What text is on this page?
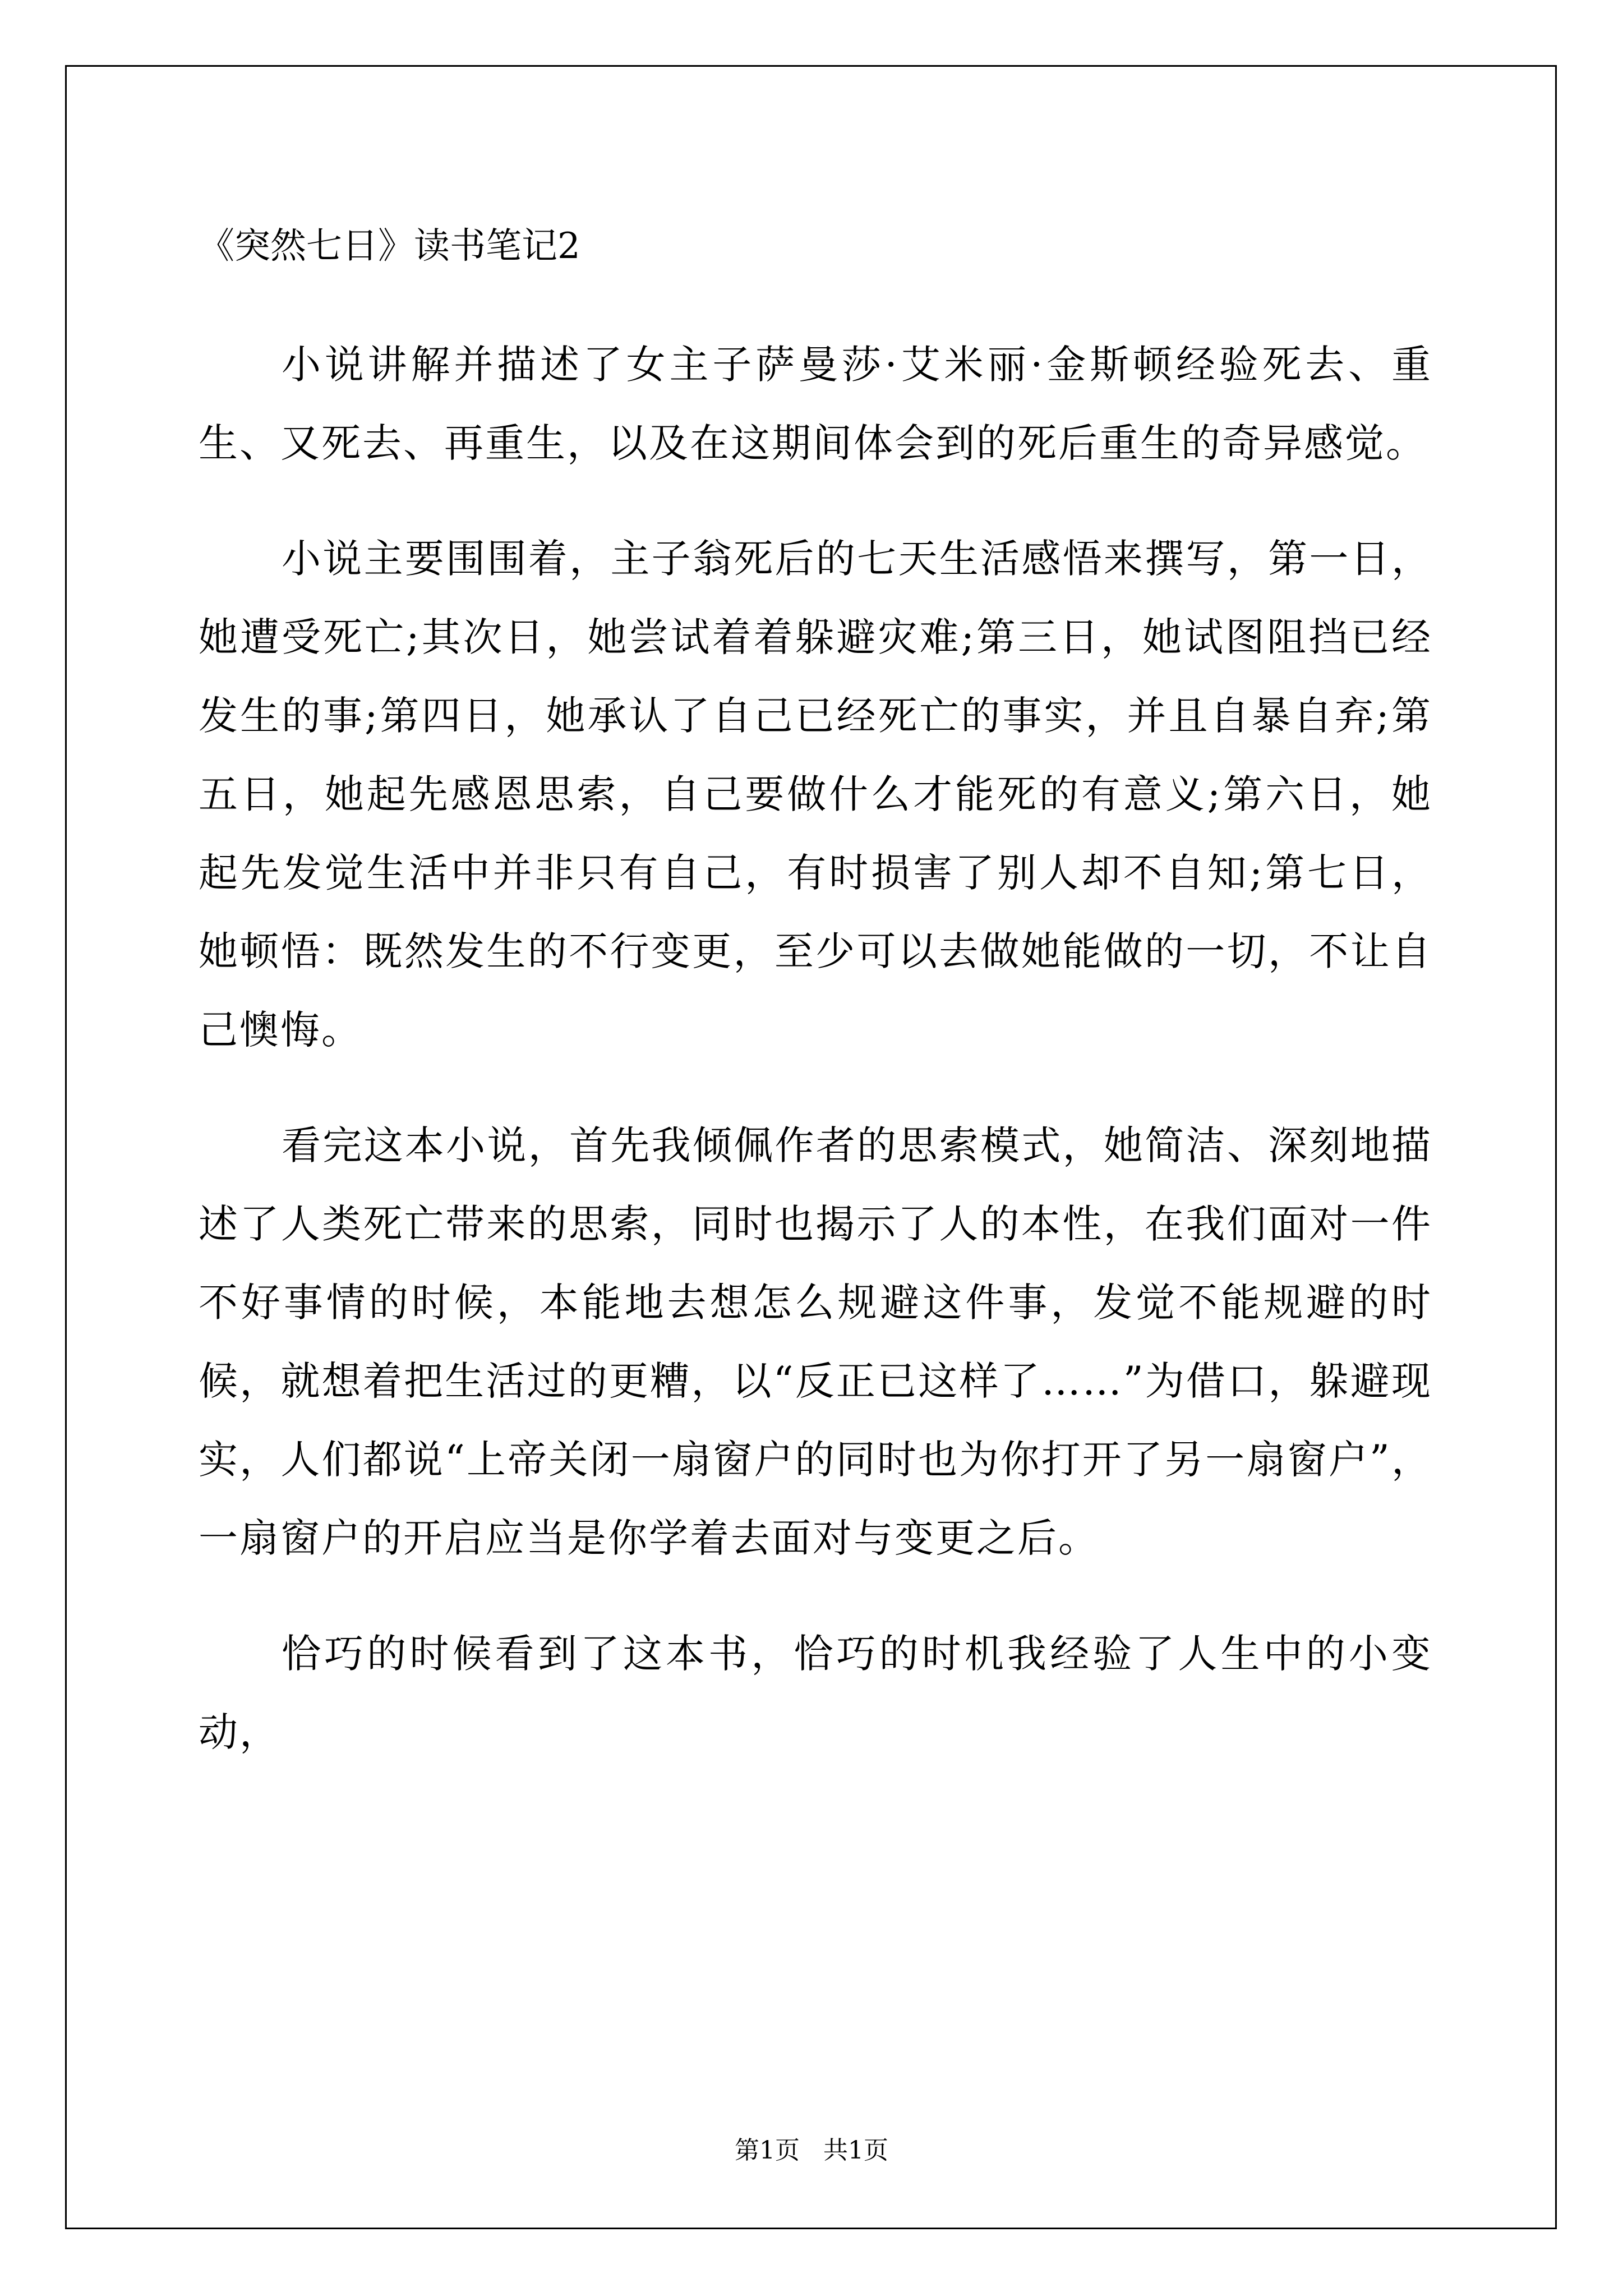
《突然七日》读书笔记2

小说讲解并描述了女主子萨曼莎·艾米丽·金斯顿经验死去、重生、又死去、再重生，以及在这期间体会到的死后重生的奇异感觉。

小说主要围围着，主子翁死后的七天生活感悟来撰写，第一日，她遭受死亡;其次日，她尝试着着躲避灾难;第三日，她试图阻挡已经发生的事;第四日，她承认了自己已经死亡的事实，并且自暴自弃;第五日，她起先感恩思索，自己要做什么才能死的有意义;第六日，她起先发觉生活中并非只有自己，有时损害了别人却不自知;第七日，她顿悟：既然发生的不行变更，至少可以去做她能做的一切，不让自己懊悔。

看完这本小说，首先我倾佩作者的思索模式，她简洁、深刻地描述了人类死亡带来的思索，同时也揭示了人的本性，在我们面对一件不好事情的时候，本能地去想怎么规避这件事，发觉不能规避的时候，就想着把生活过的更糟，以“反正已这样了……”为借口，躲避现实，人们都说“上帝关闭一扇窗户的同时也为你打开了另一扇窗户”，一扇窗户的开启应当是你学着去面对与变更之后。

恰巧的时候看到了这本书，恰巧的时机我经验了人生中的小变动，

第1页   共1页
